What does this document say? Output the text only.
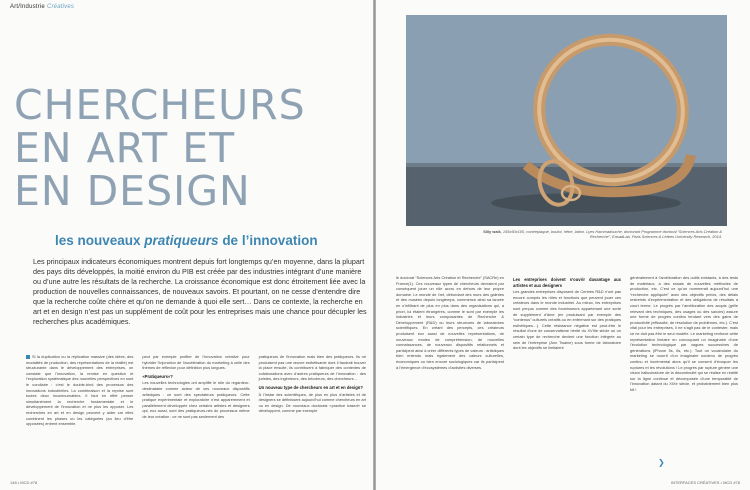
Art/Industrie Créatives
CHERCHEURS
EN ART ET
EN DESIGN
les nouveaux pratiqueurs de l’innovation

Les principaux indicateurs économiques montrent depuis fort longtemps qu’en moyenne, dans la plupart des pays dits développés, la moitié environ du PIB est créée par des industries intégrant d’une manière ou d’une autre les résultats de la recherche. La croissance économique est donc étroitement liée avec la production de nouvelles connaissances, de nouveaux savoirs. Et pourtant, on ne cesse d’entendre dire que la recherche coûte chère et qu’on ne demande à quoi elle sert… Dans ce contexte, la recherche en art et en design n’est pas un supplément de coût pour les entreprises mais une chance pour décupler les recherches plus académiques.

Si la duplication ou la réplication massive (des idées, des modalités de production, des représentations de la réalité) est structurante dans le développement des entreprises, on constate que l’innovation, la remise en question et l’exploration systématique des nouvelles perspectives en sont le corollaire : c’est le double-bind des processus des innovations industrielles. La combinaison et la reprise sont toutes deux incontournables. Il faut en effet penser simultanément la recherche fondamentale et le développement de l’innovation et ne plus les opposer. Les recherches en art et en design peuvent y aider car elles combinent les phases où les catégories (au lieu d’être opposées) entrent ensemble.

peut par exemple profiter de l’innovation créative pour hybrider l’injonction de l’accélération du marketing à celle des thèmes de réflexion pour définition plus longues.

«Pratiqueurs»?

Les nouvelles technologies ont amplifié le rôle du regardeur-destinataire comme acteur de ces nouveaux dispositifs artistiques : ce sont des spectateurs pratiqueurs. Cette pratique expérimentale et exploratoire n’est apparemment et parallèlement développée chez certains artistes et designers qui, eux aussi, sont des pratiqueurs-nés du processus même de leur création : ce ne sont pas seulement des

pratiqueurs de l’innovation mais bien des pratiqueurs. Ils ne produisent pas une œuvre esthétisante dont il faudrait trouver la place ensuite, ils contribuent à fabriquer des contextes de collaborations avec d’autres pratiqueurs de l’innovation : des juristes, des ingénieurs, des bricoleurs, des chercheurs…

Un nouveau type de chercheurs en art et en design?

À l’instar des scientifiques, de plus en plus d’artistes et de designers se définissent aujourd’hui comme chercheurs en art ou en design. De nouveaux doctorats «practice based» se développent, comme par exemple

148 • MCD #78

Silly walk, 155x50x100, contreplaqué, boulot, hêtre, laiton. Lyes Hammadouche, doctorant Programme doctoral “Sciences Arts Création & Recherche”, EnsadLab, Paris Sciences & Lettres University Research, 2014.

le doctorat “Sciences Arts Création et Recherche” (SACRe) en France(1). Ces nouveaux types de chercheurs devraient par conséquent jouer un rôle accru en dehors de leur propre domaine. Le monde de l’art, débordant des murs des galeries et des musées depuis longtemps, commence ainsi sa lancée en s’infiltrant de plus en plus dans des organisations qui, a priori, lui étaient étrangères, comme le sont par exemple les industries et leurs composantes de Recherche & Développement (R&D) ou leurs structures de laboratoires scientifiques. En créant des percepts, ces créateurs produisent eux aussi de nouvelles représentations, de nouveaux modes de compréhension, de nouvelles connaissances, de nouveaux dispositifs relationnels et participent ainsi à créer différents types de valeurs : artistiques bien entendu mais également des valeurs culturelles, économiques ou bien encore sociologiques car ils participent à l’émergence d’écosystèmes d’activités diverses.

Les entreprises doivent s’ouvrir davantage aux artistes et aux designers

Les grandes entreprises disposent de Centres R&D n’ont pas encore compris les rôles et fonctions que peuvent jouer ces créateurs dans le monde industriel. Au mieux, les entreprises sont perçus comme des fournisseurs appartenant une sorte de supplément d’âme (en produisant par exemple des “contenus” culturels créatifs ou en enfermant sur des pratiques esthétiques…). Cette résistance négative est peut-être le résultat d’une de conservatisme hérité du XVIIIe siècle où un certain type de recherche devient une fonction intégrée au sein de l’entreprise (Ann Twaine) sous forme de laboratoire dont les objectifs se limitaient

généralement à l’amélioration des outils existants, à des tests de matériaux, à des essais de nouvelles méthodes de production, etc. C’est ce qu’on nommerait aujourd’hui une “recherche appliquée” avec des objectifs précis, des délais restreints d’expérimentation et des obligations de résultats à court terme. Le progrès par l’amélioration des acquis (grille relevant des techniques, des usages ou des savoirs) assure une forme de progrès continu tendant vers des gains de productivité (efficacité, de résolution de problèmes, etc.). C’est vital pour les entreprises, il ne s’agit pas de le contester, mais ce ne doit pas être le seul modèle. Le marketing renforce cette représentation linéaire en convoquant un imaginaire d’une l’évolution technologique par vagues successives de générations (iPhone 5s, 6s, etc.). Tout un vocabulaire du marketing se nourrit d’un imaginaire soutenu de progrès continu et incrémental alors qu’il se consent d’évoquer les ruptures et les révolutions ! Le progrès par rupture génère une vision hallucinatoire de la discontinuité qui se réalise en réalité sur la ligne continue et décomposée d’une temporalité de l’innovation datant du XIXe siècle, et probablement bien plus tôt !

❯
INTERFACES CRÉATIVES • MCD #78
